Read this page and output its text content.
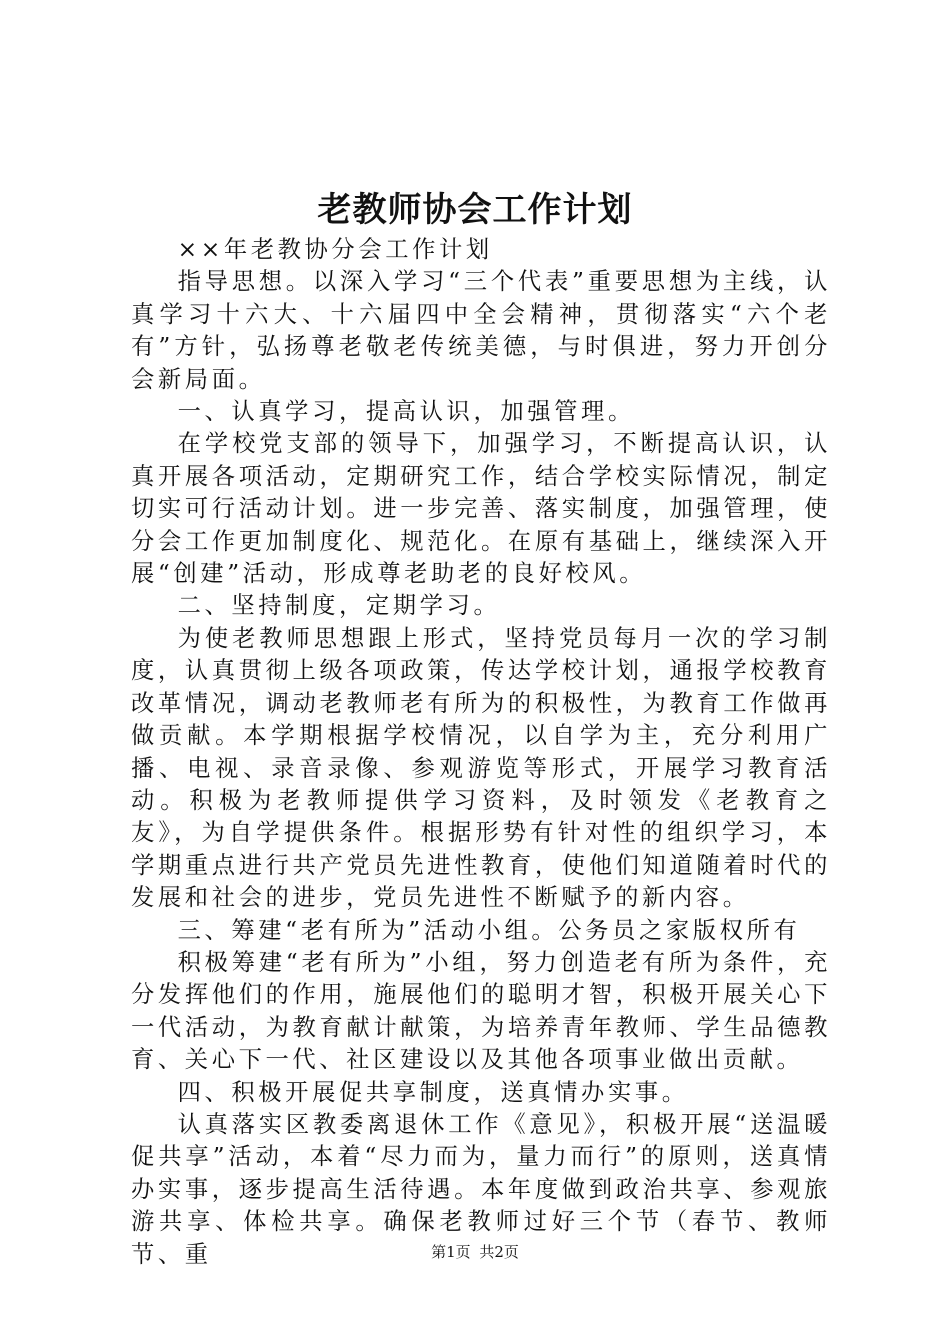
老教师协会工作计划

××年老教协分会工作计划

指导思想。以深入学习“三个代表”重要思想为主线，认真学习十六大、十六届四中全会精神，贯彻落实“六个老有”方针，弘扬尊老敬老传统美德，与时俱进，努力开创分会新局面。

一、认真学习，提高认识，加强管理。

在学校党支部的领导下，加强学习，不断提高认识，认真开展各项活动，定期研究工作，结合学校实际情况，制定切实可行活动计划。进一步完善、落实制度，加强管理，使分会工作更加制度化、规范化。在原有基础上，继续深入开展“创建”活动，形成尊老助老的良好校风。

二、坚持制度，定期学习。

为使老教师思想跟上形式，坚持党员每月一次的学习制度，认真贯彻上级各项政策，传达学校计划，通报学校教育改革情况，调动老教师老有所为的积极性，为教育工作做再做贡献。本学期根据学校情况，以自学为主，充分利用广播、电视、录音录像、参观游览等形式，开展学习教育活动。积极为老教师提供学习资料，及时领发《老教育之友》，为自学提供条件。根据形势有针对性的组织学习，本学期重点进行共产党员先进性教育，使他们知道随着时代的发展和社会的进步，党员先进性不断赋予的新内容。

三、筹建“老有所为”活动小组。公务员之家版权所有

积极筹建“老有所为”小组，努力创造老有所为条件，充分发挥他们的作用，施展他们的聪明才智，积极开展关心下一代活动，为教育献计献策，为培养青年教师、学生品德教育、关心下一代、社区建设以及其他各项事业做出贡献。

四、积极开展促共享制度，送真情办实事。

认真落实区教委离退休工作《意见》，积极开展“送温暖促共享”活动，本着“尽力而为，量力而行”的原则，送真情办实事，逐步提高生活待遇。本年度做到政治共享、参观旅游共享、体检共享。确保老教师过好三个节（春节、教师节、重	第1页 共2页
